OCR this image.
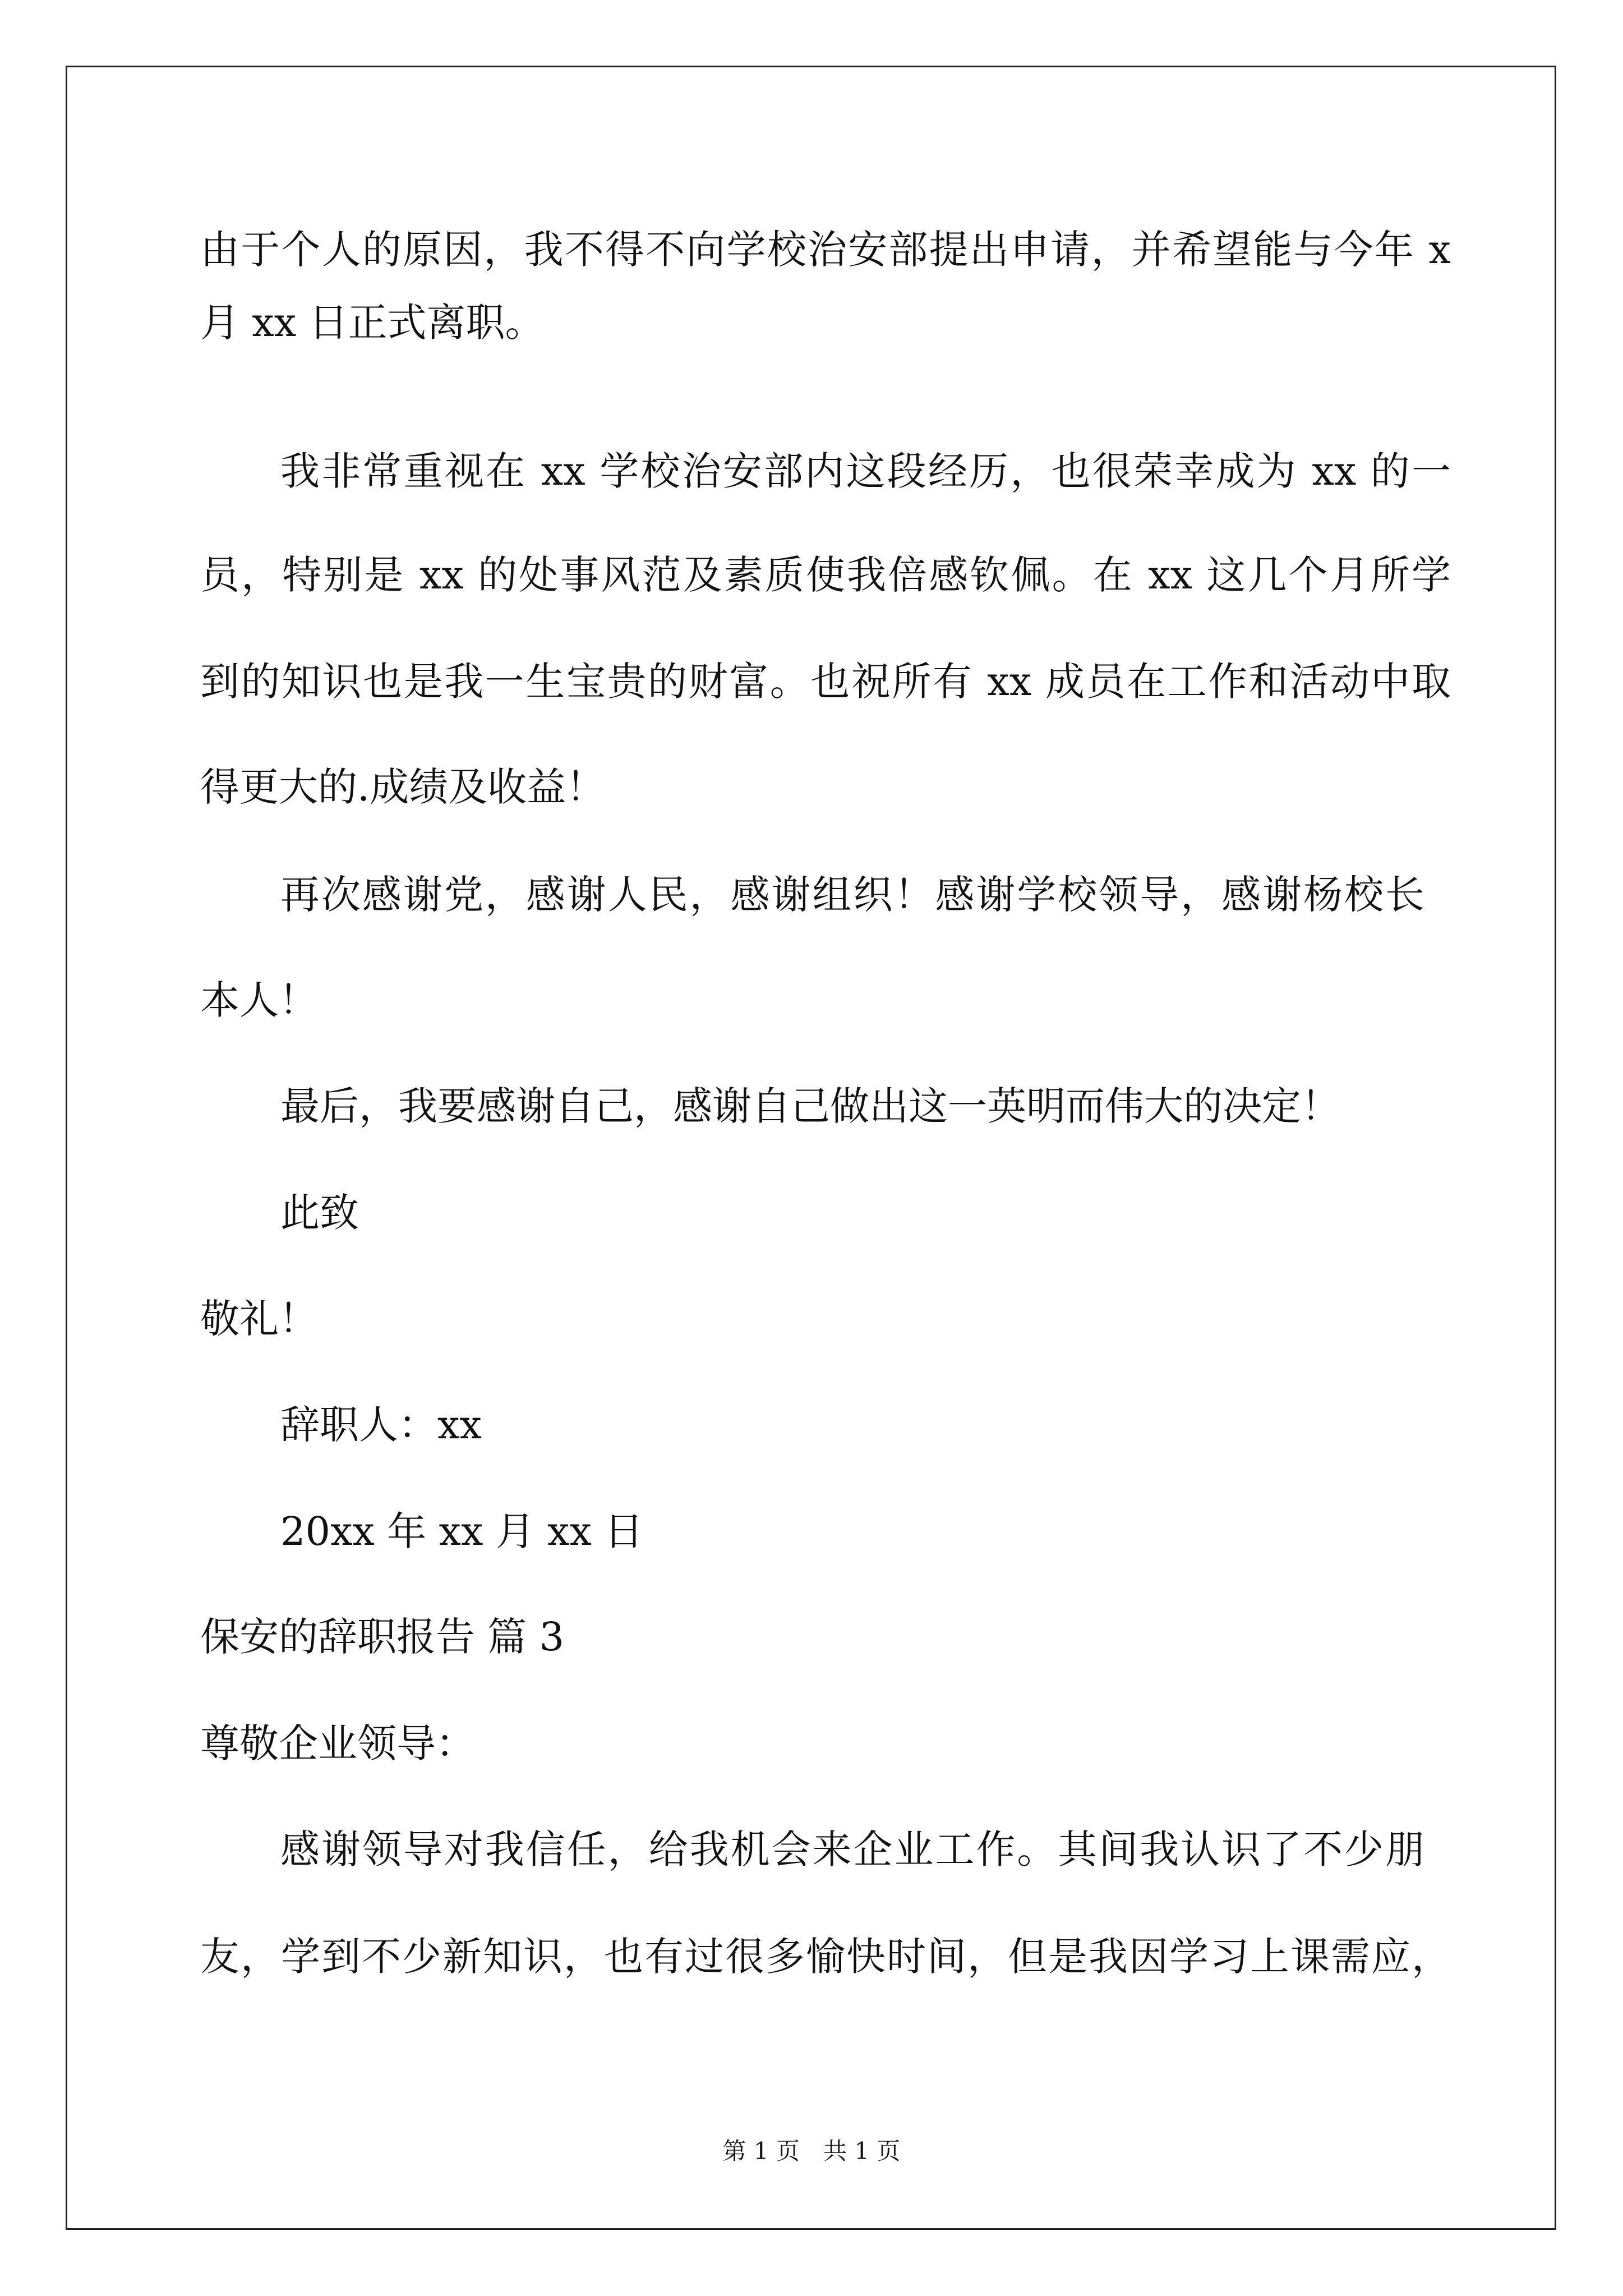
由于个人的原因，我不得不向学校治安部提出申请，并希望能与今年 x
月 xx 日正式离职。
我非常重视在 xx 学校治安部内这段经历，也很荣幸成为 xx 的一
员，特别是 xx 的处事风范及素质使我倍感钦佩。在 xx 这几个月所学
到的知识也是我一生宝贵的财富。也祝所有 xx 成员在工作和活动中取
得更大的.成绩及收益！
再次感谢党，感谢人民，感谢组织！感谢学校领导，感谢杨校长
本人！
最后，我要感谢自己，感谢自己做出这一英明而伟大的决定！
此致
敬礼！
辞职人：xx
20xx 年 xx 月 xx 日
保安的辞职报告 篇 3
尊敬企业领导：
感谢领导对我信任，给我机会来企业工作。其间我认识了不少朋
友，学到不少新知识，也有过很多愉快时间，但是我因学习上课需应，
第 1 页　共 1 页
